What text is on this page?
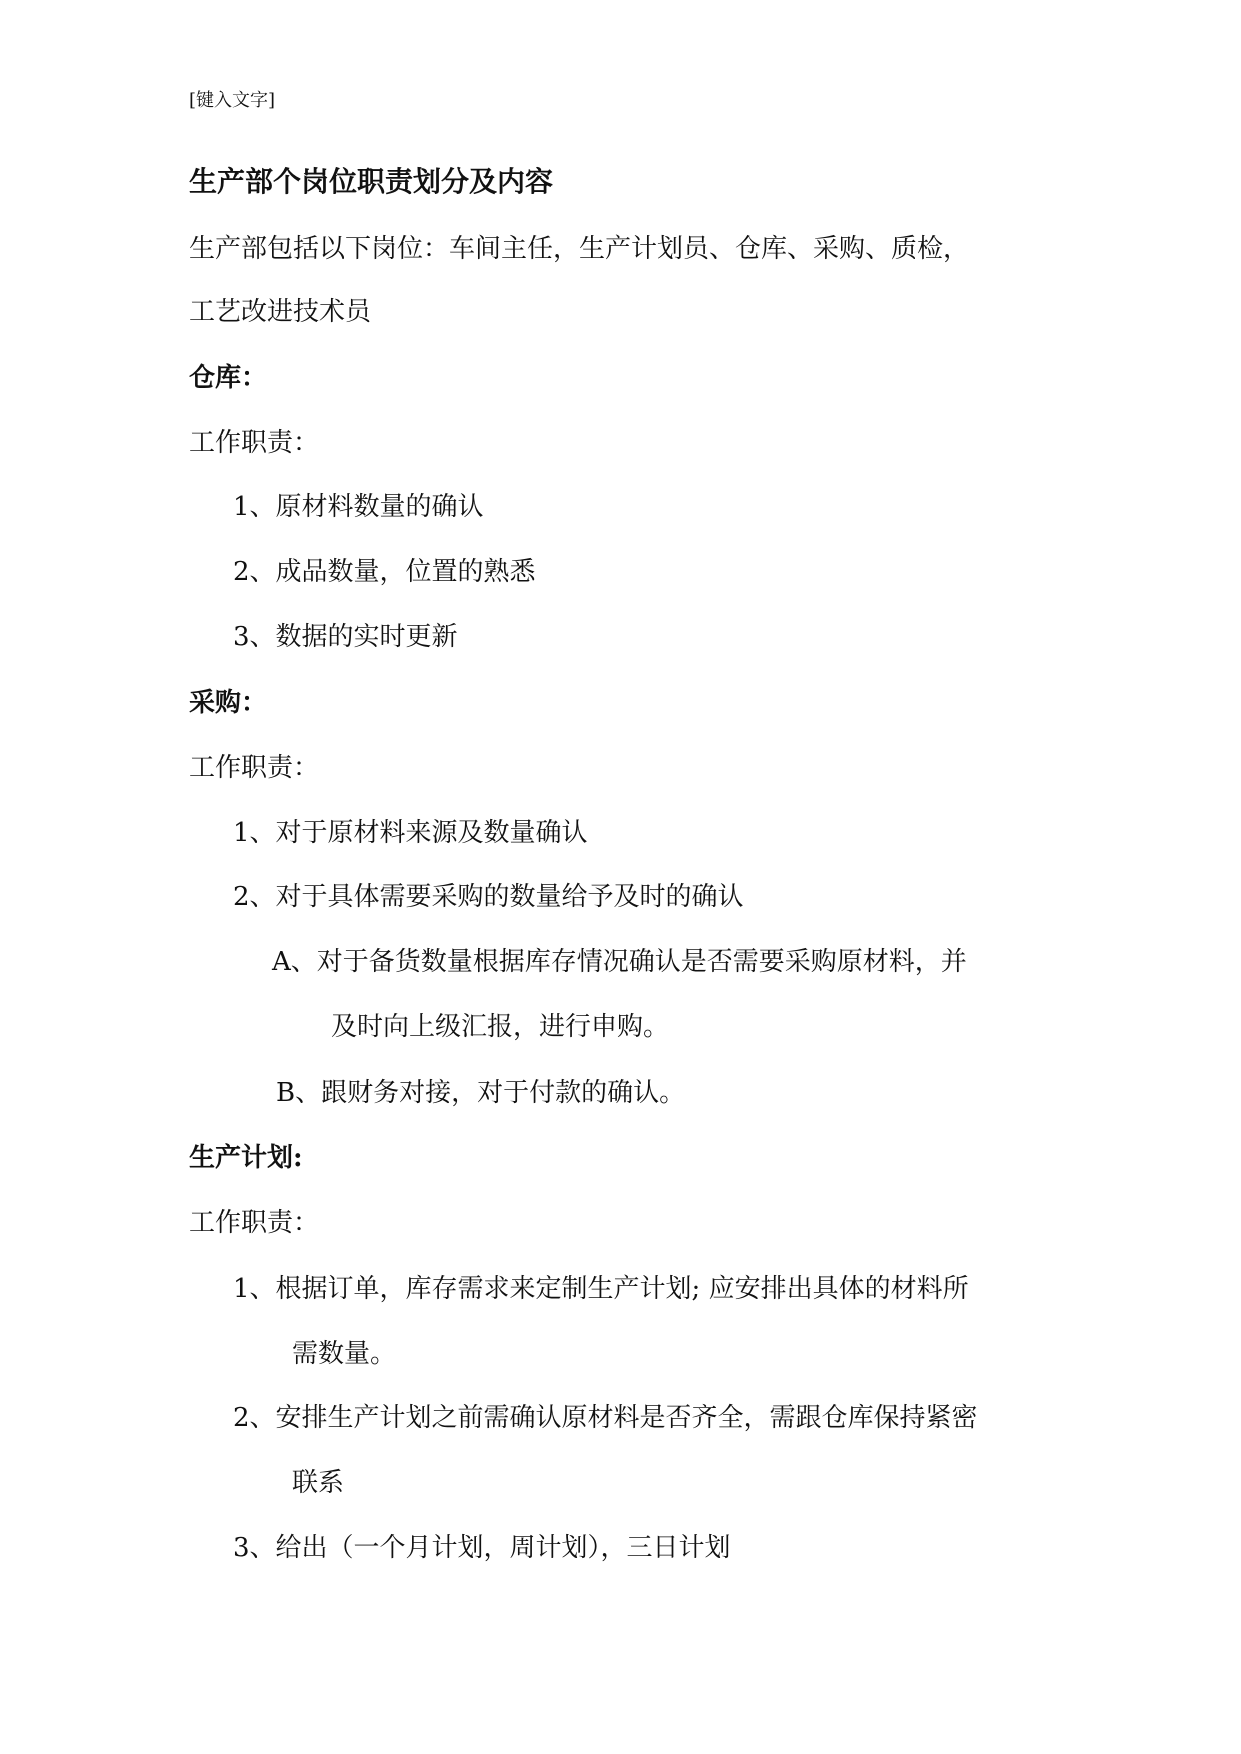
[键入文字]
生产部个岗位职责划分及内容
生产部包括以下岗位：车间主任，生产计划员、仓库、采购、质检，
工艺改进技术员
仓库：
工作职责：
1、原材料数量的确认
2、成品数量，位置的熟悉
3、数据的实时更新
采购：
工作职责：
1、对于原材料来源及数量确认
2、对于具体需要采购的数量给予及时的确认
A、对于备货数量根据库存情况确认是否需要采购原材料，并
及时向上级汇报，进行申购。
B、跟财务对接，对于付款的确认。
生产计划:
工作职责：
1、根据订单，库存需求来定制生产计划; 应安排出具体的材料所
需数量。
2、安排生产计划之前需确认原材料是否齐全，需跟仓库保持紧密
联系
3、给出（一个月计划，周计划），三日计划
